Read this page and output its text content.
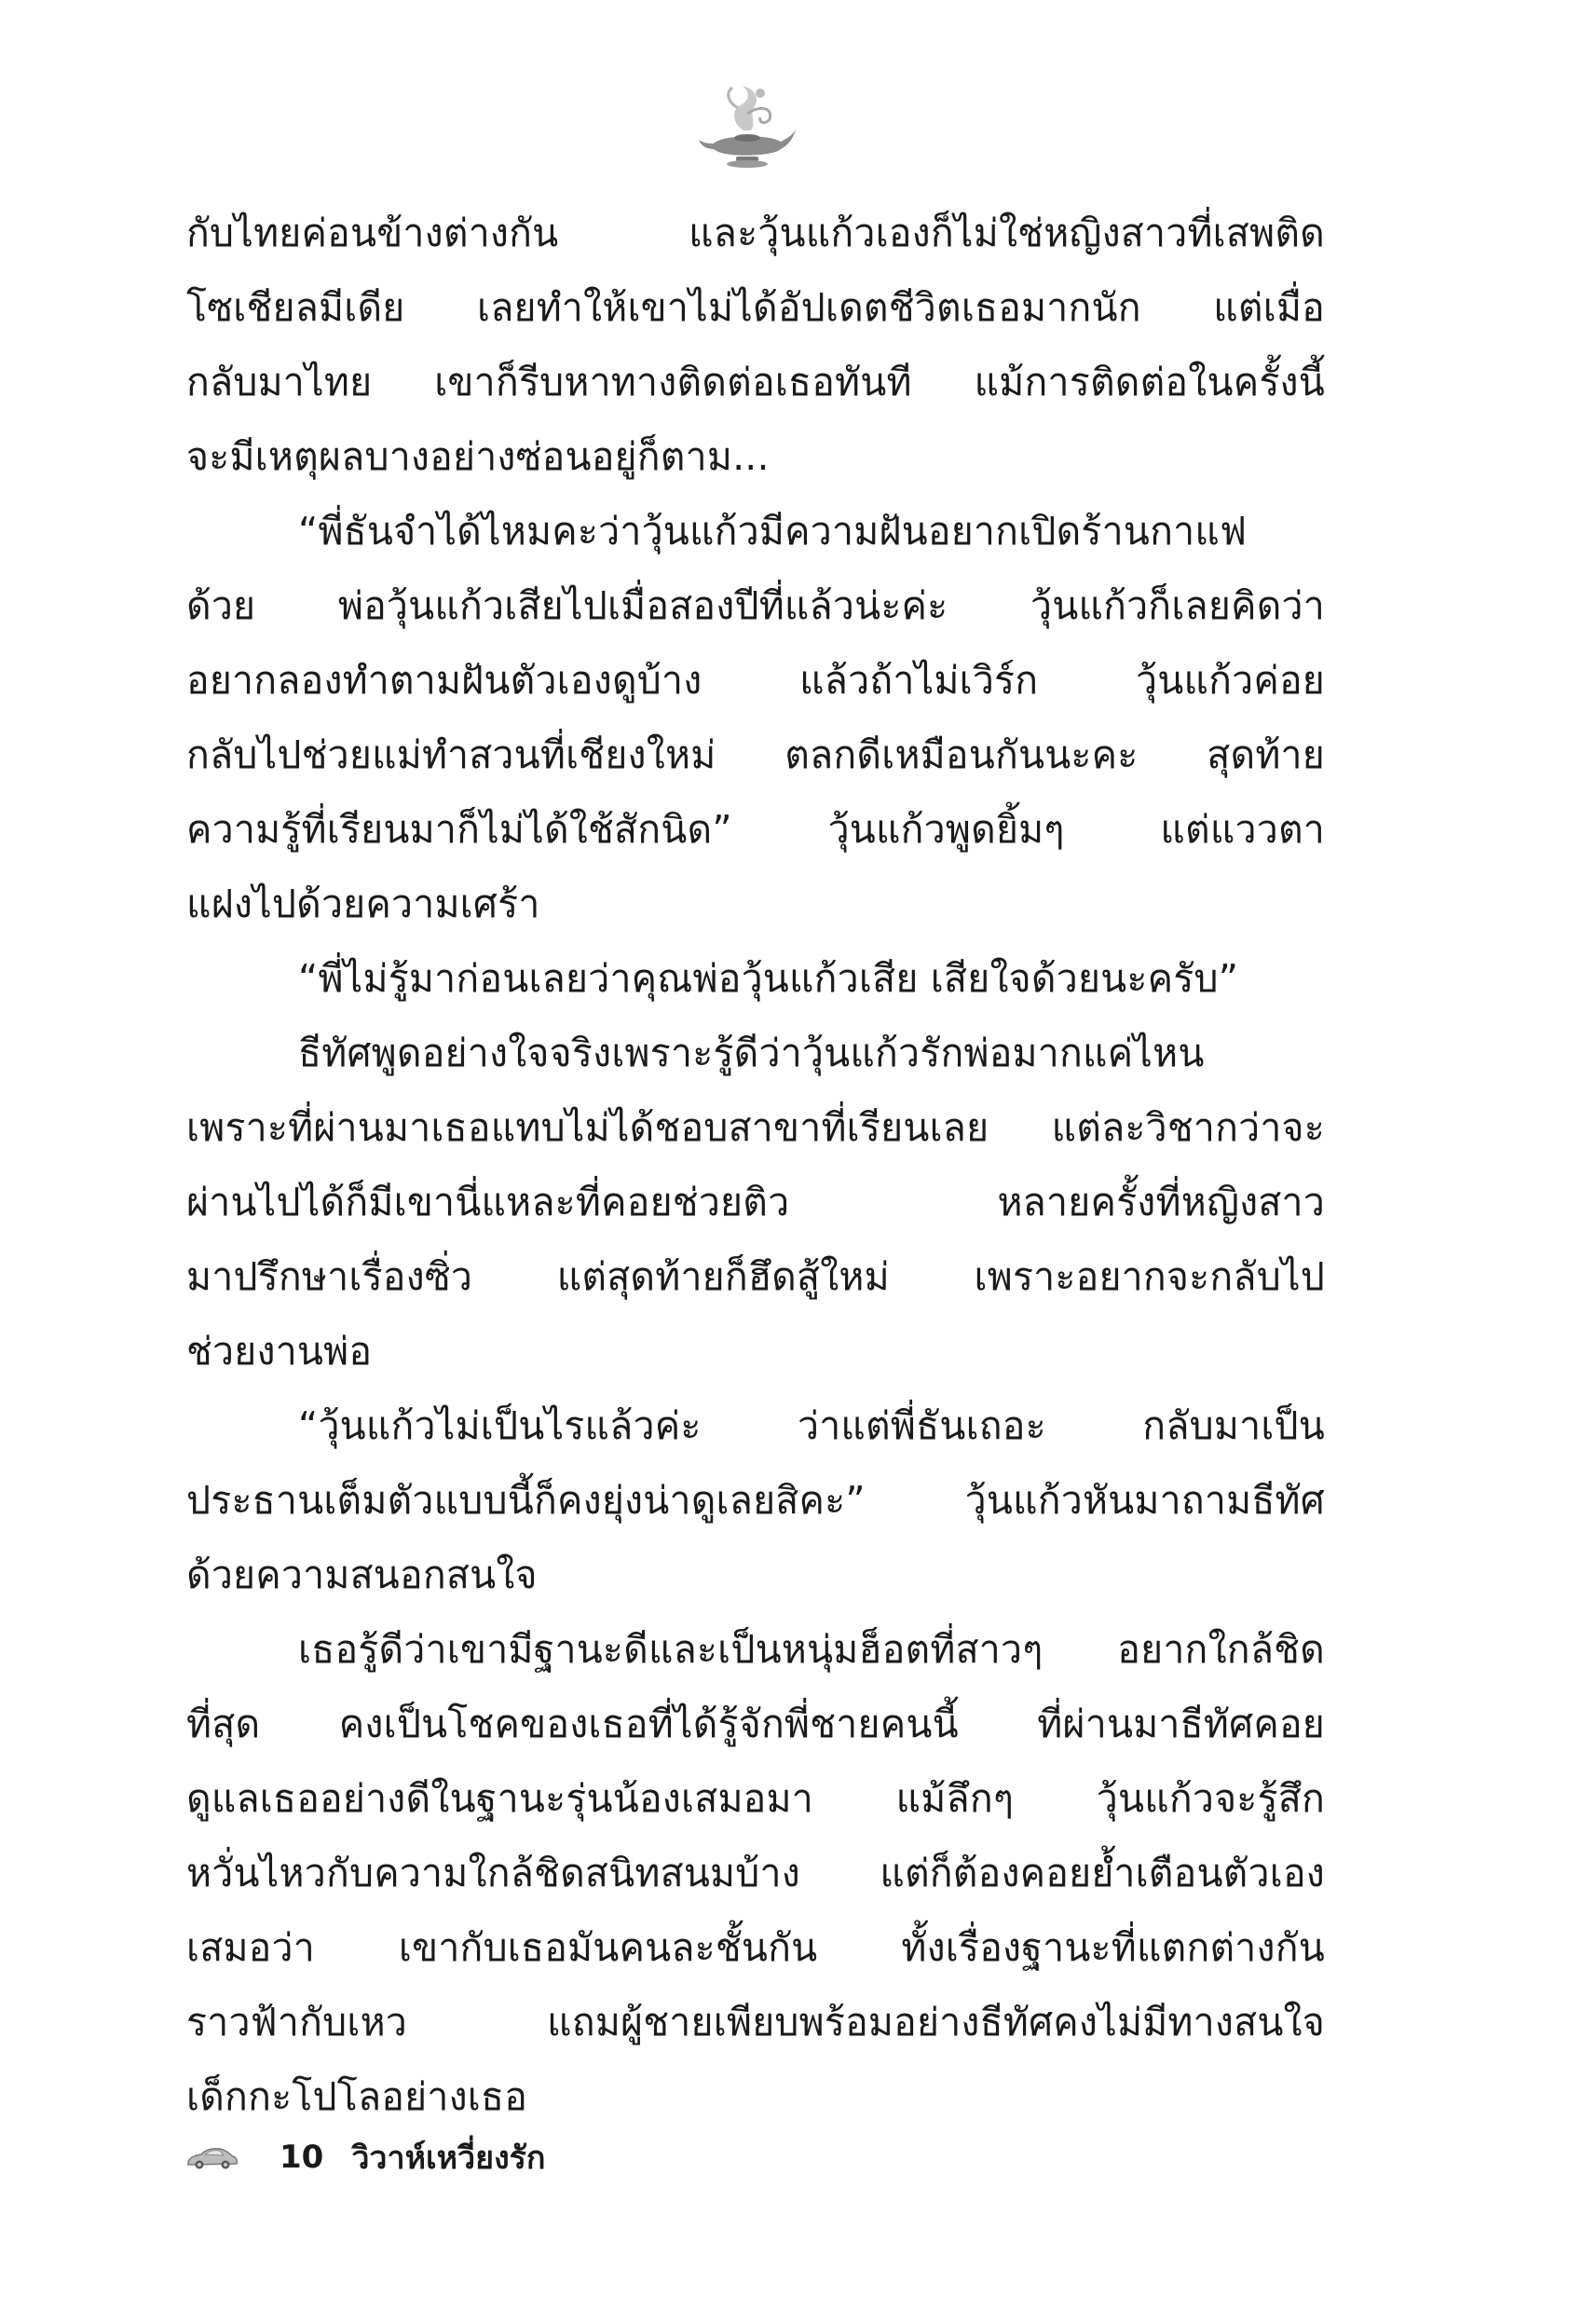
กับไทยค่อนข้างต่างกัน และวุ้นแก้วเองก็ไม่ใช่หญิงสาวที่เสพติด
โซเชียลมีเดีย เลยทำให้เขาไม่ได้อัปเดตชีวิตเธอมากนัก แต่เมื่อ
กลับมาไทย เขาก็รีบหาทางติดต่อเธอทันที แม้การติดต่อในครั้งนี้
จะมีเหตุผลบางอย่างซ่อนอยู่ก็ตาม...
“พี่ธันจำได้ไหมคะว่าวุ้นแก้วมีความฝันอยากเปิดร้านกาแฟ
ด้วย พ่อวุ้นแก้วเสียไปเมื่อสองปีที่แล้วน่ะค่ะ วุ้นแก้วก็เลยคิดว่า
อยากลองทำตามฝันตัวเองดูบ้าง แล้วถ้าไม่เวิร์ก วุ้นแก้วค่อย
กลับไปช่วยแม่ทำสวนที่เชียงใหม่ ตลกดีเหมือนกันนะคะ สุดท้าย
ความรู้ที่เรียนมาก็ไม่ได้ใช้สักนิด” วุ้นแก้วพูดยิ้มๆ แต่แววตา
แฝงไปด้วยความเศร้า
“พี่ไม่รู้มาก่อนเลยว่าคุณพ่อวุ้นแก้วเสีย เสียใจด้วยนะครับ”
ธีทัศพูดอย่างใจจริงเพราะรู้ดีว่าวุ้นแก้วรักพ่อมากแค่ไหน
เพราะที่ผ่านมาเธอแทบไม่ได้ชอบสาขาที่เรียนเลย แต่ละวิชากว่าจะ
ผ่านไปได้ก็มีเขานี่แหละที่คอยช่วยติว หลายครั้งที่หญิงสาว
มาปรึกษาเรื่องซิ่ว แต่สุดท้ายก็ฮึดสู้ใหม่ เพราะอยากจะกลับไป
ช่วยงานพ่อ
“วุ้นแก้วไม่เป็นไรแล้วค่ะ ว่าแต่พี่ธันเถอะ กลับมาเป็น
ประธานเต็มตัวแบบนี้ก็คงยุ่งน่าดูเลยสิคะ” วุ้นแก้วหันมาถามธีทัศ
ด้วยความสนอกสนใจ
เธอรู้ดีว่าเขามีฐานะดีและเป็นหนุ่มฮ็อตที่สาวๆ อยากใกล้ชิด
ที่สุด คงเป็นโชคของเธอที่ได้รู้จักพี่ชายคนนี้ ที่ผ่านมาธีทัศคอย
ดูแลเธออย่างดีในฐานะรุ่นน้องเสมอมา แม้ลึกๆ วุ้นแก้วจะรู้สึก
หวั่นไหวกับความใกล้ชิดสนิทสนมบ้าง แต่ก็ต้องคอยย้ำเตือนตัวเอง
เสมอว่า เขากับเธอมันคนละชั้นกัน ทั้งเรื่องฐานะที่แตกต่างกัน
ราวฟ้ากับเหว แถมผู้ชายเพียบพร้อมอย่างธีทัศคงไม่มีทางสนใจ
เด็กกะโปโลอย่างเธอ
10 วิวาห์เหวี่ยงรัก
